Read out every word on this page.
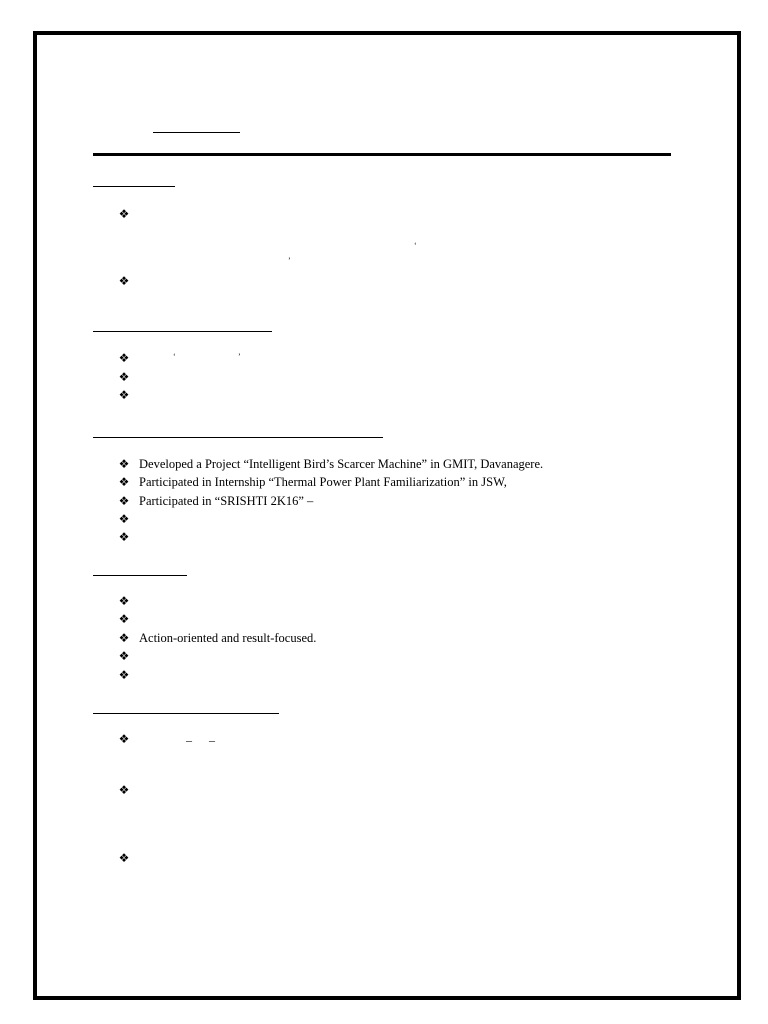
❖
‘
’
❖
❖	‘	’
❖
❖
❖ Developed a Project “Intelligent Bird’s Scarcer Machine” in GMIT, Davanagere.
❖ Participated in Internship “Thermal Power Plant Familiarization” in JSW,
❖ Participated in “SRISHTI 2K16” –
❖
❖
❖
❖
❖ Action-oriented and result-focused.
❖
❖
❖	– –
❖
❖
